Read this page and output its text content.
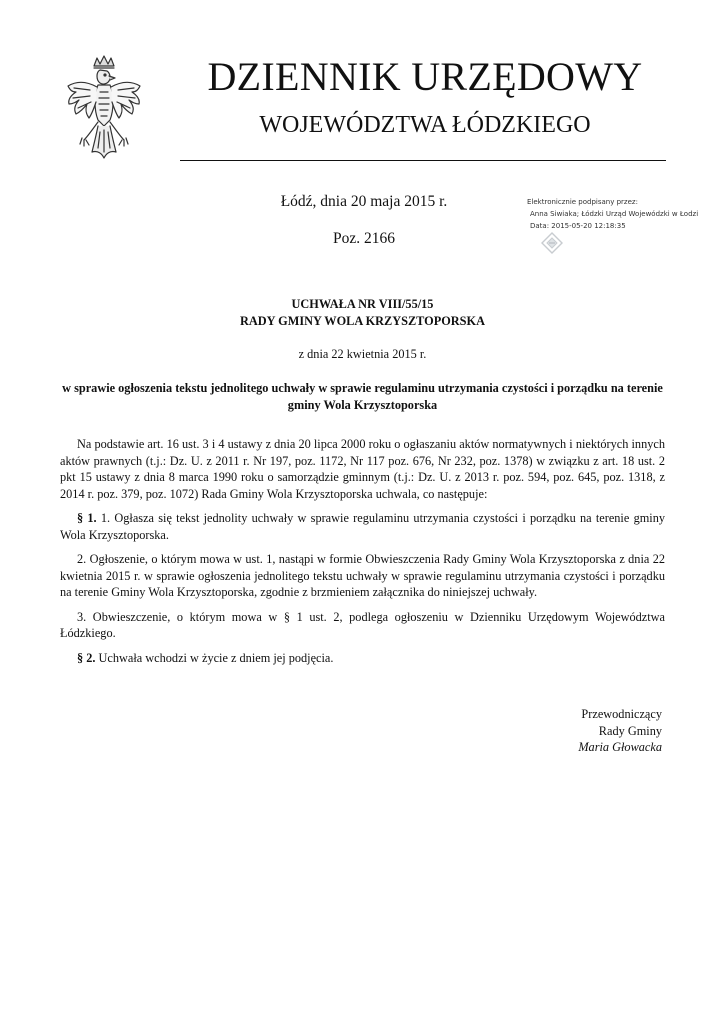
DZIENNIK URZĘDOWY
WOJEWÓDZTWA ŁÓDZKIEGO
Łódź, dnia 20 maja 2015 r.
Poz. 2166
Elektronicznie podpisany przez:
Anna Siwiaka; Łódzki Urząd Wojewódzki w Łodzi
Data: 2015-05-20 12:18:35
UCHWAŁA NR VIII/55/15
RADY GMINY WOLA KRZYSZTOPORSKA
z dnia 22 kwietnia 2015 r.
w sprawie ogłoszenia tekstu jednolitego uchwały w sprawie regulaminu utrzymania czystości i porządku na terenie gminy Wola Krzysztoporska

Na podstawie art. 16 ust. 3 i 4 ustawy z dnia 20 lipca 2000 roku o ogłaszaniu aktów normatywnych i niektórych innych aktów prawnych (t.j.: Dz. U. z 2011 r. Nr 197, poz. 1172, Nr 117 poz. 676, Nr 232, poz. 1378) w związku z art. 18 ust. 2 pkt 15 ustawy z dnia 8 marca 1990 roku o samorządzie gminnym (t.j.: Dz. U. z 2013 r. poz. 594, poz. 645, poz. 1318, z 2014 r. poz. 379, poz. 1072) Rada Gminy Wola Krzysztoporska uchwala, co następuje:

§ 1. 1. Ogłasza się tekst jednolity uchwały w sprawie regulaminu utrzymania czystości i porządku na terenie gminy Wola Krzysztoporska.

2. Ogłoszenie, o którym mowa w ust. 1, nastąpi w formie Obwieszczenia Rady Gminy Wola Krzysztoporska z dnia 22 kwietnia 2015 r. w sprawie ogłoszenia jednolitego tekstu uchwały w sprawie regulaminu utrzymania czystości i porządku na terenie Gminy Wola Krzysztoporska, zgodnie z brzmieniem załącznika do niniejszej uchwały.

3. Obwieszczenie, o którym mowa w § 1 ust. 2, podlega ogłoszeniu w Dzienniku Urzędowym Województwa Łódzkiego.

§ 2. Uchwała wchodzi w życie z dniem jej podjęcia.

Przewodniczący
Rady Gminy
Maria Głowacka
